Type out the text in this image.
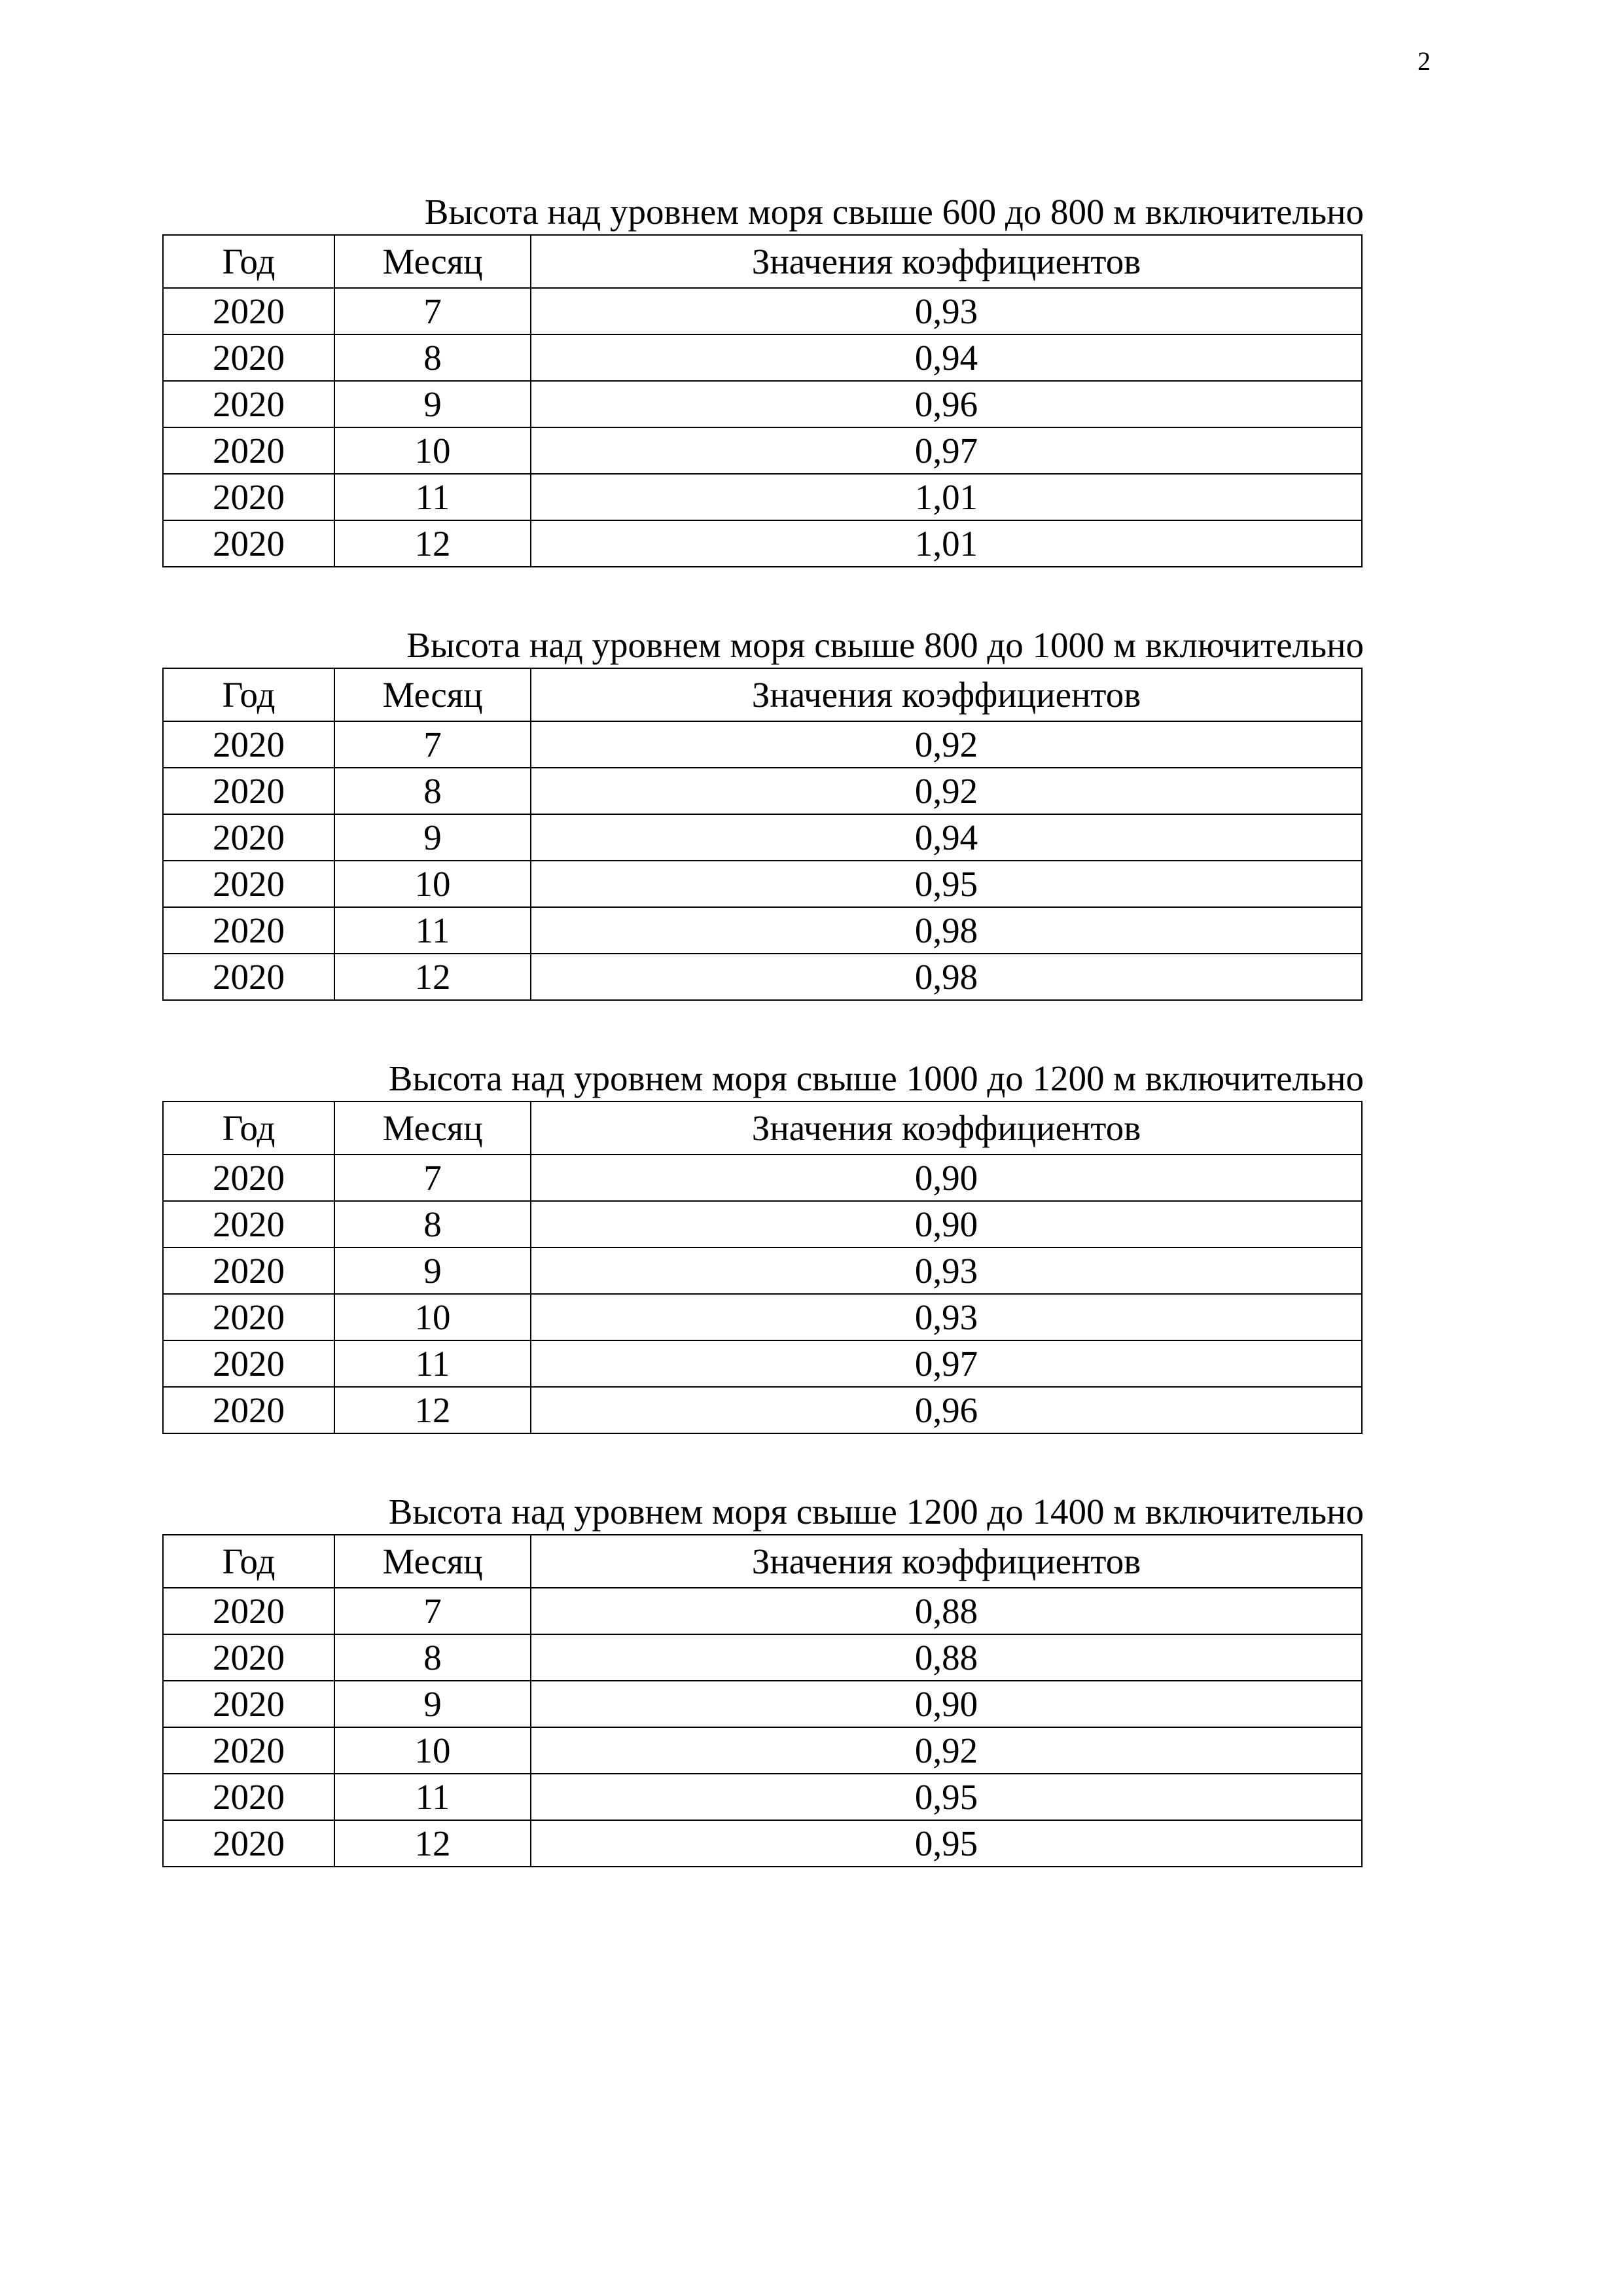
2
Высота над уровнем моря свыше 600 до 800 м включительно
Год	Месяц	Значения коэффициентов
2020	7	0,93
2020	8	0,94
2020	9	0,96
2020	10	0,97
2020	11	1,01
2020	12	1,01
Высота над уровнем моря свыше 800 до 1000 м включительно
Год	Месяц	Значения коэффициентов
2020	7	0,92
2020	8	0,92
2020	9	0,94
2020	10	0,95
2020	11	0,98
2020	12	0,98
Высота над уровнем моря свыше 1000 до 1200 м включительно
Год	Месяц	Значения коэффициентов
2020	7	0,90
2020	8	0,90
2020	9	0,93
2020	10	0,93
2020	11	0,97
2020	12	0,96
Высота над уровнем моря свыше 1200 до 1400 м включительно
Год	Месяц	Значения коэффициентов
2020	7	0,88
2020	8	0,88
2020	9	0,90
2020	10	0,92
2020	11	0,95
2020	12	0,95
